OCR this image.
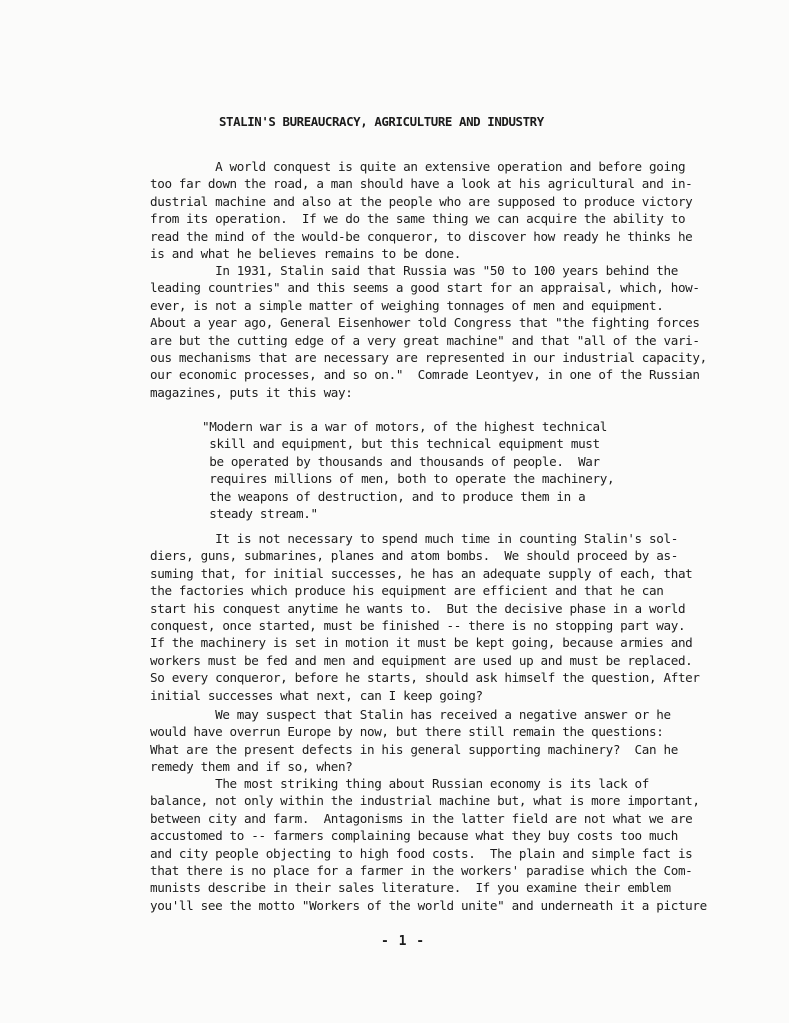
STALIN'S BUREAUCRACY, AGRICULTURE AND INDUSTRY
A world conquest is quite an extensive operation and before going
too far down the road, a man should have a look at his agricultural and in-
dustrial machine and also at the people who are supposed to produce victory
from its operation.  If we do the same thing we can acquire the ability to
read the mind of the would-be conqueror, to discover how ready he thinks he
is and what he believes remains to be done.
In 1931, Stalin said that Russia was "50 to 100 years behind the
leading countries" and this seems a good start for an appraisal, which, how-
ever, is not a simple matter of weighing tonnages of men and equipment.
About a year ago, General Eisenhower told Congress that "the fighting forces
are but the cutting edge of a very great machine" and that "all of the vari-
ous mechanisms that are necessary are represented in our industrial capacity,
our economic processes, and so on."  Comrade Leontyev, in one of the Russian
magazines, puts it this way:
"Modern war is a war of motors, of the highest technical
skill and equipment, but this technical equipment must
be operated by thousands and thousands of people.  War
requires millions of men, both to operate the machinery,
the weapons of destruction, and to produce them in a
steady stream."
It is not necessary to spend much time in counting Stalin's sol-
diers, guns, submarines, planes and atom bombs.  We should proceed by as-
suming that, for initial successes, he has an adequate supply of each, that
the factories which produce his equipment are efficient and that he can
start his conquest anytime he wants to.  But the decisive phase in a world
conquest, once started, must be finished -- there is no stopping part way.
If the machinery is set in motion it must be kept going, because armies and
workers must be fed and men and equipment are used up and must be replaced.
So every conqueror, before he starts, should ask himself the question, After
initial successes what next, can I keep going?
We may suspect that Stalin has received a negative answer or he
would have overrun Europe by now, but there still remain the questions:
What are the present defects in his general supporting machinery?  Can he
remedy them and if so, when?
The most striking thing about Russian economy is its lack of
balance, not only within the industrial machine but, what is more important,
between city and farm.  Antagonisms in the latter field are not what we are
accustomed to -- farmers complaining because what they buy costs too much
and city people objecting to high food costs.  The plain and simple fact is
that there is no place for a farmer in the workers' paradise which the Com-
munists describe in their sales literature.  If you examine their emblem
you'll see the motto "Workers of the world unite" and underneath it a picture
- 1 -
